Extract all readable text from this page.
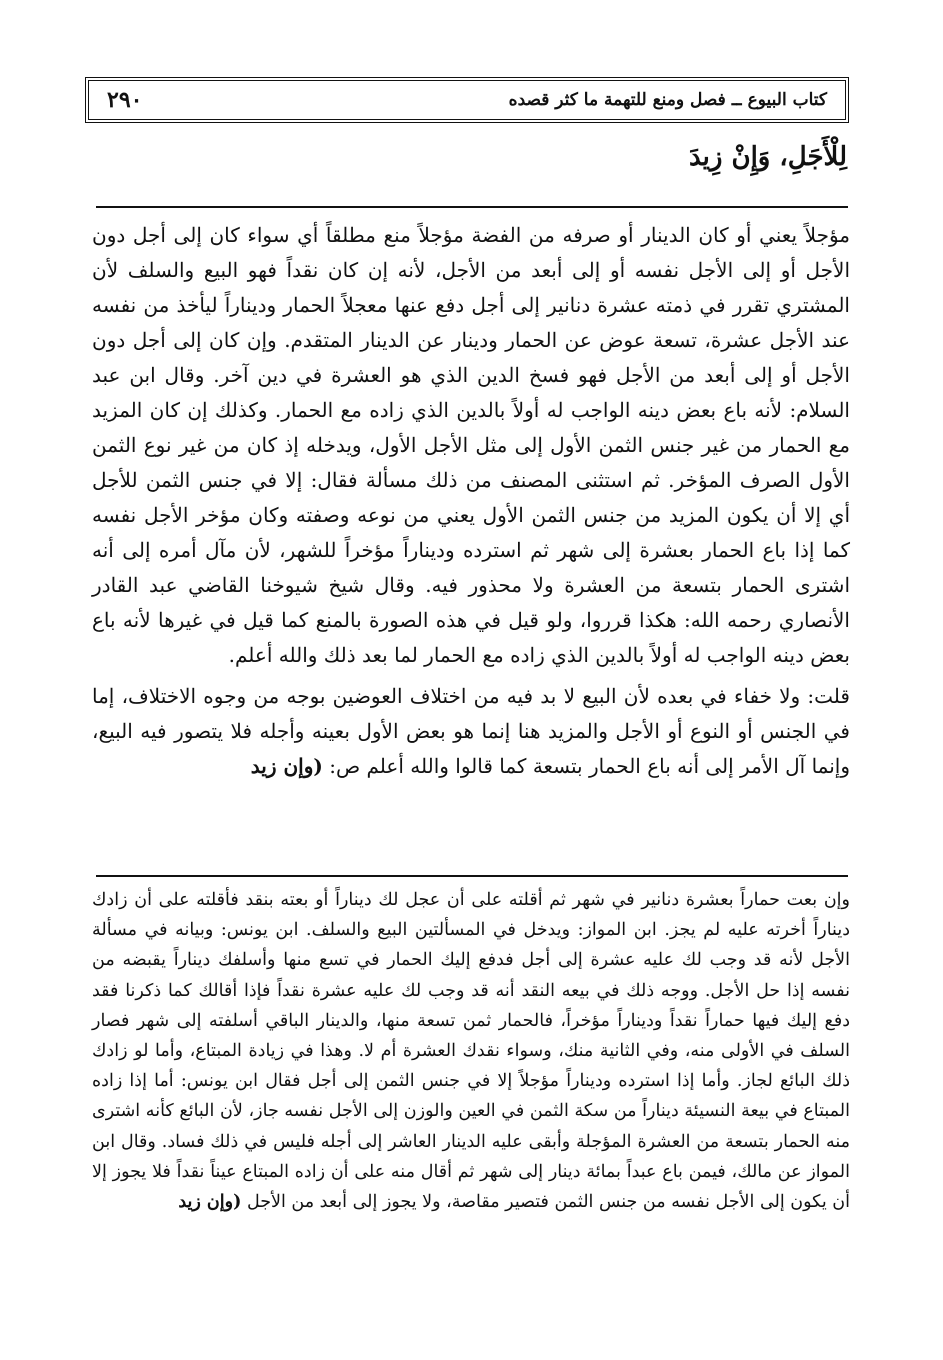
كتاب البيوع ــ فصل ومنع للتهمة ما كثر قصده
٢٩٠
لِلْأَجَلِ، وَإِنْ زِيدَ

مؤجلاً يعني أو كان الدينار أو صرفه من الفضة مؤجلاً منع مطلقاً أي سواء كان إلى أجل دون الأجل أو إلى الأجل نفسه أو إلى أبعد من الأجل، لأنه إن كان نقداً فهو البيع والسلف لأن المشتري تقرر في ذمته عشرة دنانير إلى أجل دفع عنها معجلاً الحمار وديناراً ليأخذ من نفسه عند الأجل عشرة، تسعة عوض عن الحمار ودينار عن الدينار المتقدم. وإن كان إلى أجل دون الأجل أو إلى أبعد من الأجل فهو فسخ الدين الذي هو العشرة في دين آخر. وقال ابن عبد السلام: لأنه باع بعض دينه الواجب له أولاً بالدين الذي زاده مع الحمار. وكذلك إن كان المزيد مع الحمار من غير جنس الثمن الأول إلى مثل الأجل الأول، ويدخله إذ كان من غير نوع الثمن الأول الصرف المؤخر. ثم استثنى المصنف من ذلك مسألة فقال: إلا في جنس الثمن للأجل أي إلا أن يكون المزيد من جنس الثمن الأول يعني من نوعه وصفته وكان مؤخر الأجل نفسه كما إذا باع الحمار بعشرة إلى شهر ثم استرده وديناراً مؤخراً للشهر، لأن مآل أمره إلى أنه اشترى الحمار بتسعة من العشرة ولا محذور فيه. وقال شيخ شيوخنا القاضي عبد القادر الأنصاري رحمه الله: هكذا قرروا، ولو قيل في هذه الصورة بالمنع كما قيل في غيرها لأنه باع بعض دينه الواجب له أولاً بالدين الذي زاده مع الحمار لما بعد ذلك والله أعلم.

قلت: ولا خفاء في بعده لأن البيع لا بد فيه من اختلاف العوضين بوجه من وجوه الاختلاف، إما في الجنس أو النوع أو الأجل والمزيد هنا إنما هو بعض الأول بعينه وأجله فلا يتصور فيه البيع، وإنما آل الأمر إلى أنه باع الحمار بتسعة كما قالوا والله أعلم ص: (وإن زيد

وإن بعت حماراً بعشرة دنانير في شهر ثم أقلته على أن عجل لك ديناراً أو بعته بنقد فأقلته على أن زادك ديناراً أخرته عليه لم يجز. ابن المواز: ويدخل في المسألتين البيع والسلف. ابن يونس: وبيانه في مسألة الأجل لأنه قد وجب لك عليه عشرة إلى أجل فدفع إليك الحمار في تسع منها وأسلفك ديناراً يقبضه من نفسه إذا حل الأجل. ووجه ذلك في بيعه النقد أنه قد وجب لك عليه عشرة نقداً فإذا أقالك كما ذكرنا فقد دفع إليك فيها حماراً نقداً وديناراً مؤخراً، فالحمار ثمن تسعة منها، والدينار الباقي أسلفته إلى شهر فصار السلف في الأولى منه، وفي الثانية منك، وسواء نقدك العشرة أم لا. وهذا في زيادة المبتاع، وأما لو زادك ذلك البائع لجاز. وأما إذا استرده وديناراً مؤجلاً إلا في جنس الثمن إلى أجل فقال ابن يونس: أما إذا زاده المبتاع في بيعة النسيئة ديناراً من سكة الثمن في العين والوزن إلى الأجل نفسه جاز، لأن البائع كأنه اشترى منه الحمار بتسعة من العشرة المؤجلة وأبقى عليه الدينار العاشر إلى أجله فليس في ذلك فساد. وقال ابن المواز عن مالك، فيمن باع عبداً بمائة دينار إلى شهر ثم أقال منه على أن زاده المبتاع عيناً نقداً فلا يجوز إلا أن يكون إلى الأجل نفسه من جنس الثمن فتصير مقاصة، ولا يجوز إلى أبعد من الأجل (وإن زيد
